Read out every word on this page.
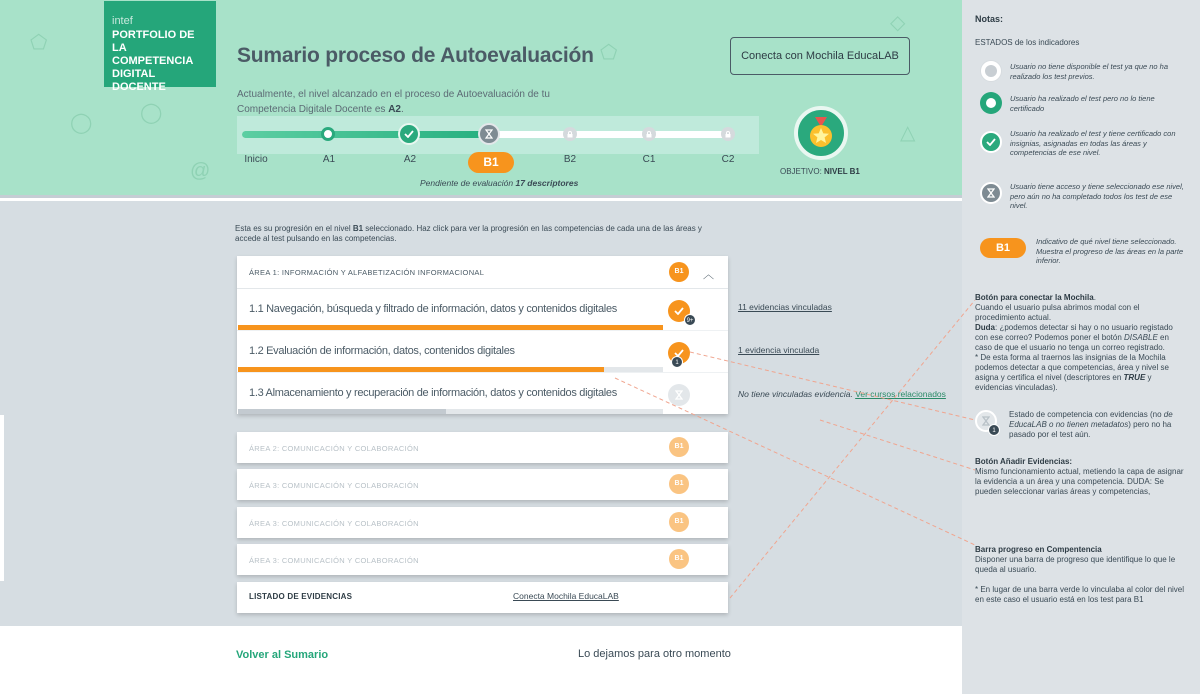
⬠
◯
@
⬠
△
◯
◇
intef
PORTFOLIO DE LA COMPETENCIA DIGITAL DOCENTE
Sumario proceso de Autoevaluación
Actualmente, el nivel alcanzado en el proceso de Autoevaluación de tu Competencia Digitale Docente es A2.
Conecta con Mochila EducaLAB
Inicio	A1	A2	B1	B2	C1	C2
Pendiente de evaluación 17 descriptores
OBJETIVO: NIVEL B1
Esta es su progresión en el nivel B1 seleccionado. Haz click para ver la progresión en las competencias de cada una de las áreas y accede al test pulsando en las competencias.
ÁREA 1: INFORMACIÓN Y ALFABETIZACIÓN INFORMACIONAL	B1	︿
1.1 Navegación, búsqueda y filtrado de información, datos y contenidos digitales
9+
1.2 Evaluación de información, datos, contenidos digitales
1
1.3 Almacenamiento y recuperación de información, datos y contenidos digitales
11 evidencias vinculadas
1 evidencia vinculada
No tiene vinculadas evidencia. Ver cursos relacionados
ÁREA 2: COMUNICACIÓN Y COLABORACIÓN	B1
ÁREA 3: COMUNICACIÓN Y COLABORACIÓN	B1
ÁREA 3: COMUNICACIÓN Y COLABORACIÓN	B1
ÁREA 3: COMUNICACIÓN Y COLABORACIÓN	B1
LISTADO DE EVIDENCIAS	Conecta Mochila EducaLAB
Volver al Sumario	Lo dejamos para otro momento
Notas:
ESTADOS de los indicadores
Usuario no tiene disponible el test ya que no ha realizado los test previos.
Usuario ha realizado el test pero no lo tiene certificado
Usuario ha realizado el test y tiene certificado con insignias, asignadas en todas las áreas y competencias de ese nivel.
Usuario tiene acceso y tiene seleccionado ese nivel, pero aún no ha completado todos los test de ese nivel.
B1
Indicativo de qué nivel tiene seleccionado. Muestra el progreso de las áreas en la parte inferior.
Botón para conectar la Mochila.
Cuando el usuario pulsa abrimos modal con el procedimiento actual.
Duda: ¿podemos detectar si hay o no usuario registado con ese correo? Podemos poner el botón DISABLE en caso de que el usuario no tenga un correo registrado.
* De esta forma al traernos las insignias de la Mochila podemos detectar a que competencias, área y nivel se asigna y certifica el nivel (descriptores en TRUE y evidencias vinculadas).
1
Estado de competencia con evidencias (no de EducaLAB o no tienen metadatos) pero no ha pasado por el test aún.
Botón Añadir Evidencias:
Mismo funcionamiento actual, metiendo la capa de asignar la evidencia a un área y una competencia. DUDA: Se pueden seleccionar varias áreas y competencias,
Barra progreso en Compentencia
Disponer una barra de progreso que identifique lo que le queda al usuario.

* En lugar de una barra verde lo vinculaba al color del nivel en este caso el usuario está en los test para B1
